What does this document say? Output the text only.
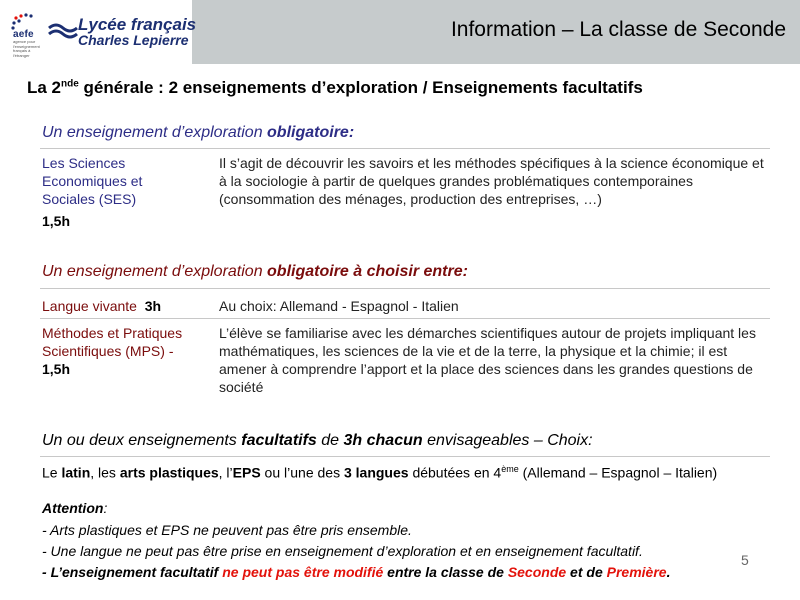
aefe
agence pour l'enseignement français à l'étranger
Lycée français
Charles Lepierre	Information – La classe de Seconde
La 2nde générale : 2 enseignements d’exploration / Enseignements facultatifs
Un enseignement d’exploration obligatoire:
Les Sciences Economiques et Sociales (SES)
1,5h
Il s’agit de découvrir les savoirs et les méthodes spécifiques à la science économique et à la sociologie à partir de quelques grandes problématiques contemporaines (consommation des ménages, production des entreprises, …)
Un enseignement d’exploration obligatoire à choisir entre:
Langue vivante 3h	Au choix: Allemand - Espagnol - Italien
Méthodes et Pratiques Scientifiques (MPS) -  1,5h
L’élève se familiarise avec les démarches scientifiques autour de projets impliquant les mathématiques, les sciences de la vie et de la terre, la physique et la chimie; il est amener à comprendre l’apport et la place des sciences dans les grandes questions de société
Un ou deux enseignements facultatifs de 3h chacun envisageables – Choix:
Le latin, les arts plastiques, l’EPS ou l’une des 3 langues débutées en 4ème (Allemand – Espagnol – Italien)
Attention:
- Arts plastiques et EPS ne peuvent pas être pris ensemble.
- Une langue ne peut pas être prise en enseignement d’exploration et en enseignement facultatif.
- L’enseignement facultatif ne peut pas être modifié entre la classe de Seconde et de Première.
5
